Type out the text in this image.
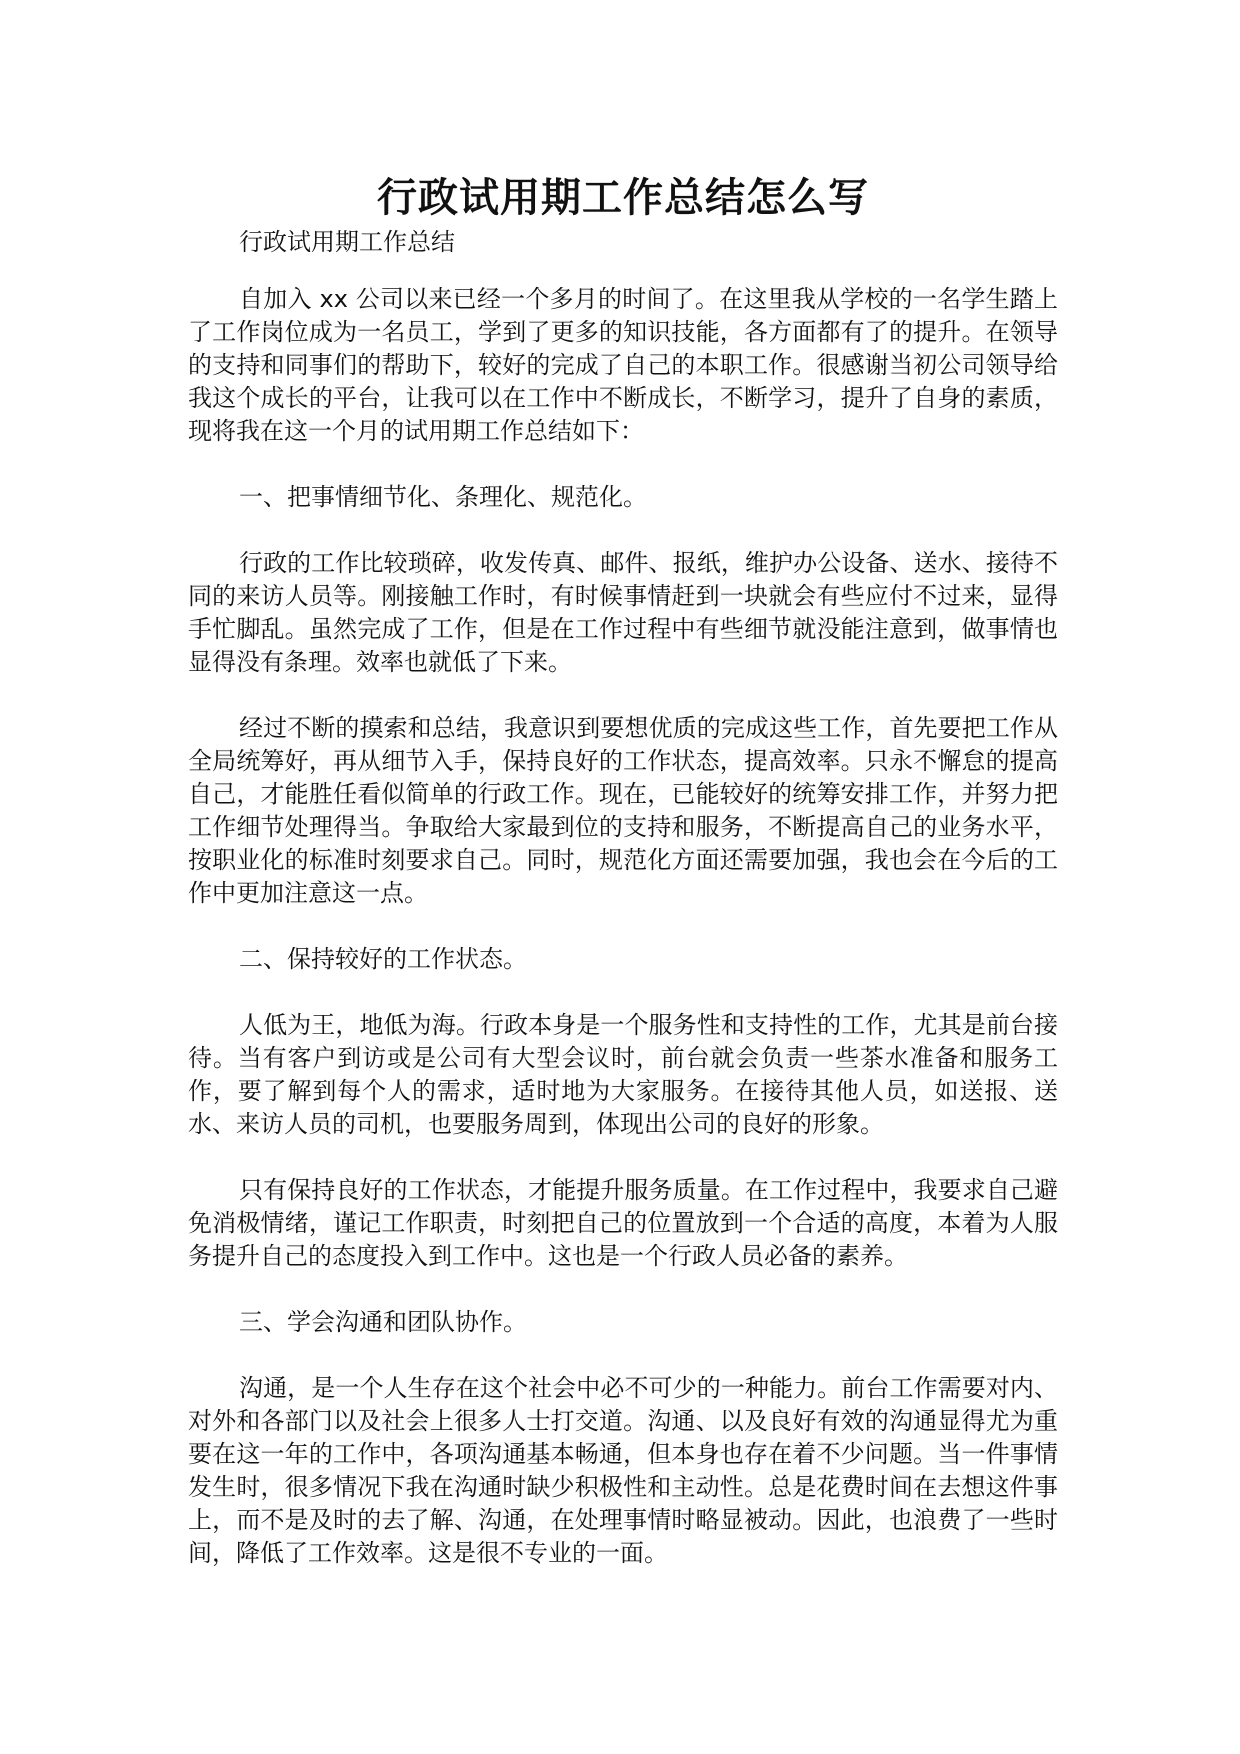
行政试用期工作总结怎么写

行政试用期工作总结

自加入 xx 公司以来已经一个多月的时间了。在这里我从学校的一名学生踏上了工作岗位成为一名员工，学到了更多的知识技能，各方面都有了的提升。在领导的支持和同事们的帮助下，较好的完成了自己的本职工作。很感谢当初公司领导给我这个成长的平台，让我可以在工作中不断成长，不断学习，提升了自身的素质，现将我在这一个月的试用期工作总结如下：

一、把事情细节化、条理化、规范化。

行政的工作比较琐碎，收发传真、邮件、报纸，维护办公设备、送水、接待不同的来访人员等。刚接触工作时，有时候事情赶到一块就会有些应付不过来，显得手忙脚乱。虽然完成了工作，但是在工作过程中有些细节就没能注意到，做事情也显得没有条理。效率也就低了下来。

经过不断的摸索和总结，我意识到要想优质的完成这些工作，首先要把工作从全局统筹好，再从细节入手，保持良好的工作状态，提高效率。只永不懈怠的提高自己，才能胜任看似简单的行政工作。现在，已能较好的统筹安排工作，并努力把工作细节处理得当。争取给大家最到位的支持和服务，不断提高自己的业务水平，按职业化的标准时刻要求自己。同时，规范化方面还需要加强，我也会在今后的工作中更加注意这一点。

二、保持较好的工作状态。

人低为王，地低为海。行政本身是一个服务性和支持性的工作，尤其是前台接待。当有客户到访或是公司有大型会议时，前台就会负责一些茶水准备和服务工作，要了解到每个人的需求，适时地为大家服务。在接待其他人员，如送报、送水、来访人员的司机，也要服务周到，体现出公司的良好的形象。

只有保持良好的工作状态，才能提升服务质量。在工作过程中，我要求自己避免消极情绪，谨记工作职责，时刻把自己的位置放到一个合适的高度，本着为人服务提升自己的态度投入到工作中。这也是一个行政人员必备的素养。

三、学会沟通和团队协作。

沟通，是一个人生存在这个社会中必不可少的一种能力。前台工作需要对内、对外和各部门以及社会上很多人士打交道。沟通、以及良好有效的沟通显得尤为重要在这一年的工作中，各项沟通基本畅通，但本身也存在着不少问题。当一件事情发生时，很多情况下我在沟通时缺少积极性和主动性。总是花费时间在去想这件事上，而不是及时的去了解、沟通，在处理事情时略显被动。因此，也浪费了一些时间，降低了工作效率。这是很不专业的一面。
